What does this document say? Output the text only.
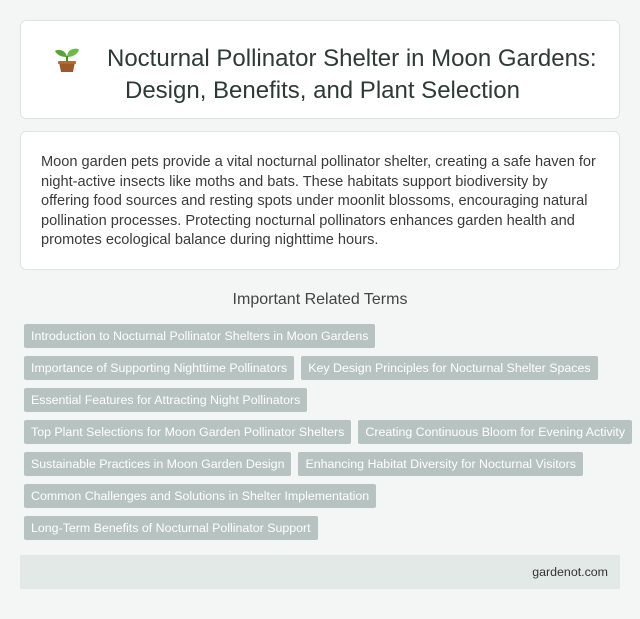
Nocturnal Pollinator Shelter in Moon Gardens:
Design, Benefits, and Plant Selection

Moon garden pets provide a vital nocturnal pollinator shelter, creating a safe haven for night-active insects like moths and bats. These habitats support biodiversity by offering food sources and resting spots under moonlit blossoms, encouraging natural pollination processes. Protecting nocturnal pollinators enhances garden health and promotes ecological balance during nighttime hours.

Important Related Terms
Introduction to Nocturnal Pollinator Shelters in Moon Gardens
Importance of Supporting Nighttime Pollinators	Key Design Principles for Nocturnal Shelter Spaces
Essential Features for Attracting Night Pollinators
Top Plant Selections for Moon Garden Pollinator Shelters	Creating Continuous Bloom for Evening Activity
Sustainable Practices in Moon Garden Design	Enhancing Habitat Diversity for Nocturnal Visitors
Common Challenges and Solutions in Shelter Implementation
Long-Term Benefits of Nocturnal Pollinator Support
gardenot.com
